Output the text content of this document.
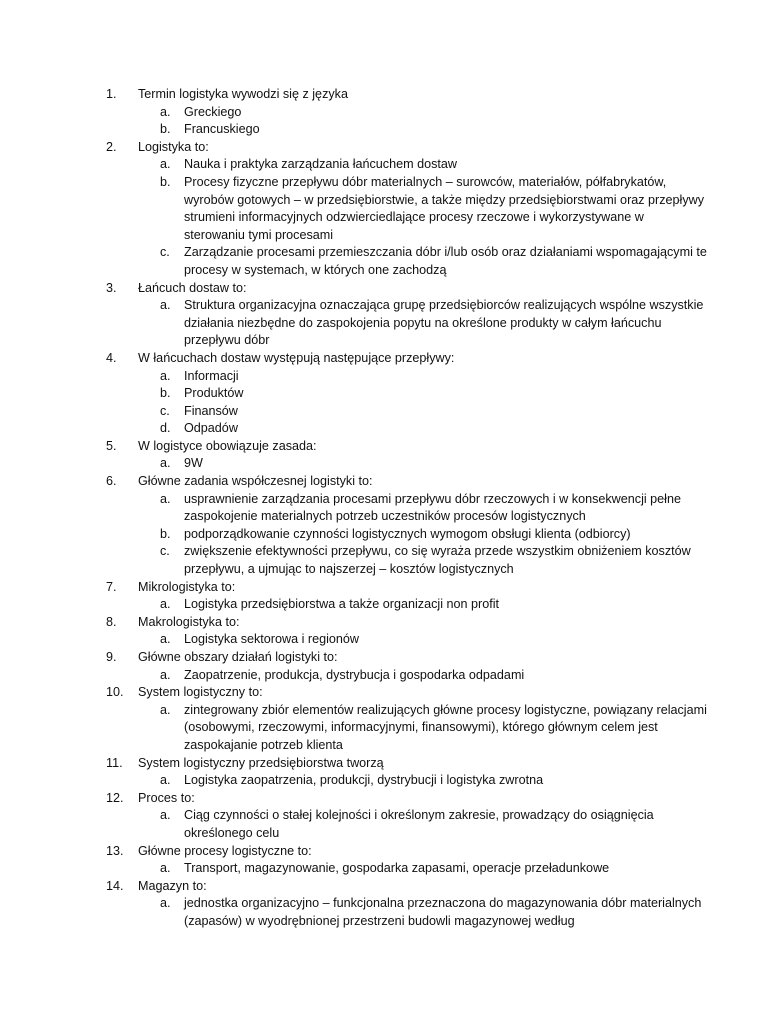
1.	Termin logistyka wywodzi się z języka
a.	Greckiego
b.	Francuskiego
2.	Logistyka to:
a.	Nauka i praktyka zarządzania łańcuchem dostaw
b.	Procesy fizyczne przepływu dóbr materialnych – surowców, materiałów, półfabrykatów, wyrobów gotowych – w przedsiębiorstwie, a także między przedsiębiorstwami oraz przepływy strumieni informacyjnych odzwierciedlające procesy rzeczowe i wykorzystywane w sterowaniu tymi procesami
c.	Zarządzanie procesami przemieszczania dóbr i/lub osób oraz działaniami wspomagającymi te procesy w systemach, w których one zachodzą
3.	Łańcuch dostaw to:
a.	Struktura organizacyjna oznaczająca grupę przedsiębiorców realizujących wspólne wszystkie działania niezbędne do zaspokojenia popytu na określone produkty w całym łańcuchu przepływu dóbr
4.	W łańcuchach dostaw występują następujące przepływy:
a.	Informacji
b.	Produktów
c.	Finansów
d.	Odpadów
5.	W logistyce obowiązuje zasada:
a.	9W
6.	Główne zadania współczesnej logistyki to:
a.	usprawnienie zarządzania procesami przepływu dóbr rzeczowych i w konsekwencji pełne zaspokojenie materialnych potrzeb uczestników procesów logistycznych
b.	podporządkowanie czynności logistycznych wymogom obsługi klienta (odbiorcy)
c.	zwiększenie efektywności przepływu, co się wyraża przede wszystkim obniżeniem kosztów przepływu, a ujmując to najszerzej – kosztów logistycznych
7.	Mikrologistyka to:
a.	Logistyka przedsiębiorstwa a także organizacji non profit
8.	Makrologistyka to:
a.	Logistyka sektorowa i regionów
9.	Główne obszary działań logistyki to:
a.	Zaopatrzenie, produkcja, dystrybucja i gospodarka odpadami
10.	System logistyczny to:
a.	zintegrowany zbiór elementów realizujących główne procesy logistyczne, powiązany relacjami (osobowymi, rzeczowymi, informacyjnymi, finansowymi), którego głównym celem jest zaspokajanie potrzeb klienta
11.	System logistyczny przedsiębiorstwa tworzą
a.	Logistyka zaopatrzenia, produkcji, dystrybucji i logistyka zwrotna
12.	Proces to:
a.	Ciąg czynności o stałej kolejności i określonym zakresie, prowadzący do osiągnięcia określonego celu
13.	Główne procesy logistyczne to:
a.	Transport, magazynowanie, gospodarka zapasami, operacje przeładunkowe
14.	Magazyn to:
a.	jednostka organizacyjno – funkcjonalna przeznaczona do magazynowania dóbr materialnych (zapasów) w wyodrębnionej przestrzeni budowli magazynowej według
